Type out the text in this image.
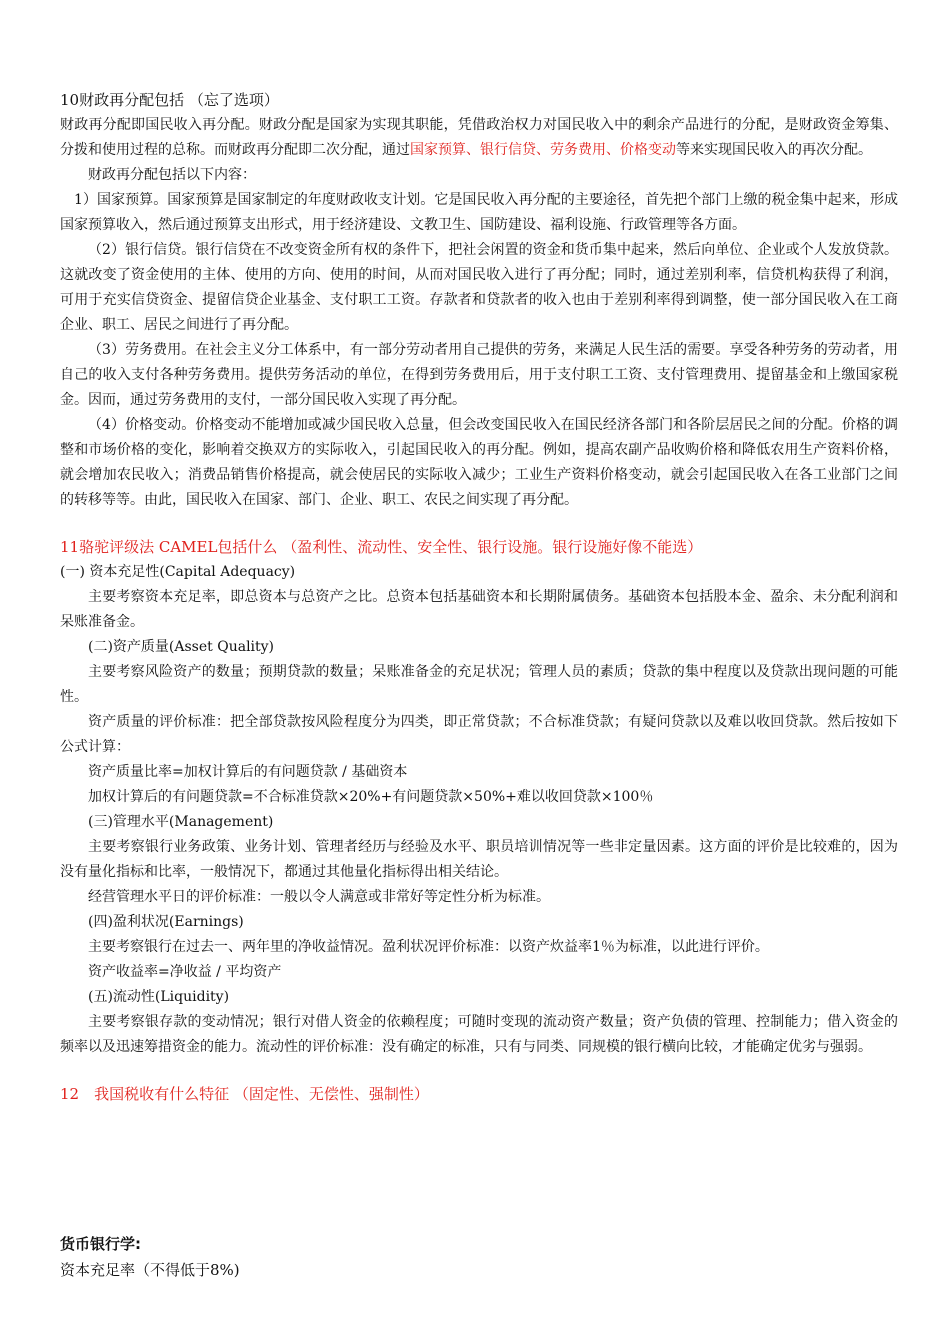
10财政再分配包括 （忘了选项）

财政再分配即国民收入再分配。财政分配是国家为实现其职能，凭借政治权力对国民收入中的剩余产品进行的分配，是财政资金筹集、分拨和使用过程的总称。而财政再分配即二次分配，通过国家预算、银行信贷、劳务费用、价格变动等来实现国民收入的再次分配。

财政再分配包括以下内容：

1）国家预算。国家预算是国家制定的年度财政收支计划。它是国民收入再分配的主要途径，首先把个部门上缴的税金集中起来，形成国家预算收入，然后通过预算支出形式，用于经济建设、文教卫生、国防建设、福利设施、行政管理等各方面。

（2）银行信贷。银行信贷在不改变资金所有权的条件下，把社会闲置的资金和货币集中起来，然后向单位、企业或个人发放贷款。这就改变了资金使用的主体、使用的方向、使用的时间，从而对国民收入进行了再分配；同时，通过差别利率，信贷机构获得了利润，可用于充实信贷资金、提留信贷企业基金、支付职工工资。存款者和贷款者的收入也由于差别利率得到调整，使一部分国民收入在工商企业、职工、居民之间进行了再分配。

（3）劳务费用。在社会主义分工体系中，有一部分劳动者用自己提供的劳务，来满足人民生活的需要。享受各种劳务的劳动者，用自己的收入支付各种劳务费用。提供劳务活动的单位，在得到劳务费用后，用于支付职工工资、支付管理费用、提留基金和上缴国家税金。因而，通过劳务费用的支付，一部分国民收入实现了再分配。

（4）价格变动。价格变动不能增加或减少国民收入总量，但会改变国民收入在国民经济各部门和各阶层居民之间的分配。价格的调整和市场价格的变化，影响着交换双方的实际收入，引起国民收入的再分配。例如，提高农副产品收购价格和降低农用生产资料价格，就会增加农民收入；消费品销售价格提高，就会使居民的实际收入减少；工业生产资料价格变动，就会引起国民收入在各工业部门之间的转移等等。由此，国民收入在国家、部门、企业、职工、农民之间实现了再分配。

11骆驼评级法 CAMEL包括什么 （盈利性、流动性、安全性、银行设施。银行设施好像不能选）

(一) 资本充足性(Capital Adequacy)

主要考察资本充足率，即总资本与总资产之比。总资本包括基础资本和长期附属债务。基础资本包括股本金、盈余、未分配利润和呆账准备金。

(二)资产质量(Asset Quality)

主要考察风险资产的数量；预期贷款的数量；呆账准备金的充足状况；管理人员的素质；贷款的集中程度以及贷款出现问题的可能性。

资产质量的评价标准：把全部贷款按风险程度分为四类，即正常贷款；不合标准贷款；有疑问贷款以及难以收回贷款。然后按如下公式计算：

资产质量比率=加权计算后的有问题贷款 / 基础资本

加权计算后的有问题贷款=不合标准贷款×20%+有问题贷款×50%+难以收回贷款×100％

(三)管理水平(Management)

主要考察银行业务政策、业务计划、管理者经历与经验及水平、职员培训情况等一些非定量因素。这方面的评价是比较难的，因为没有量化指标和比率，一般情况下，都通过其他量化指标得出相关结论。

经营管理水平日的评价标准：一般以令人满意或非常好等定性分析为标准。

(四)盈利状况(Earnings)

主要考察银行在过去一、两年里的净收益情况。盈利状况评价标准：以资产炊益率1％为标准，以此进行评价。

资产收益率=净收益 / 平均资产

(五)流动性(Liquidity)

主要考察银存款的变动情况；银行对借人资金的依赖程度；可随时变现的流动资产数量；资产负债的管理、控制能力；借入资金的频率以及迅速筹措资金的能力。流动性的评价标准：没有确定的标准，只有与同类、同规模的银行横向比较，才能确定优劣与强弱。

12　我国税收有什么特征 （固定性、无偿性、强制性）

货币银行学:

资本充足率（不得低于8%)
